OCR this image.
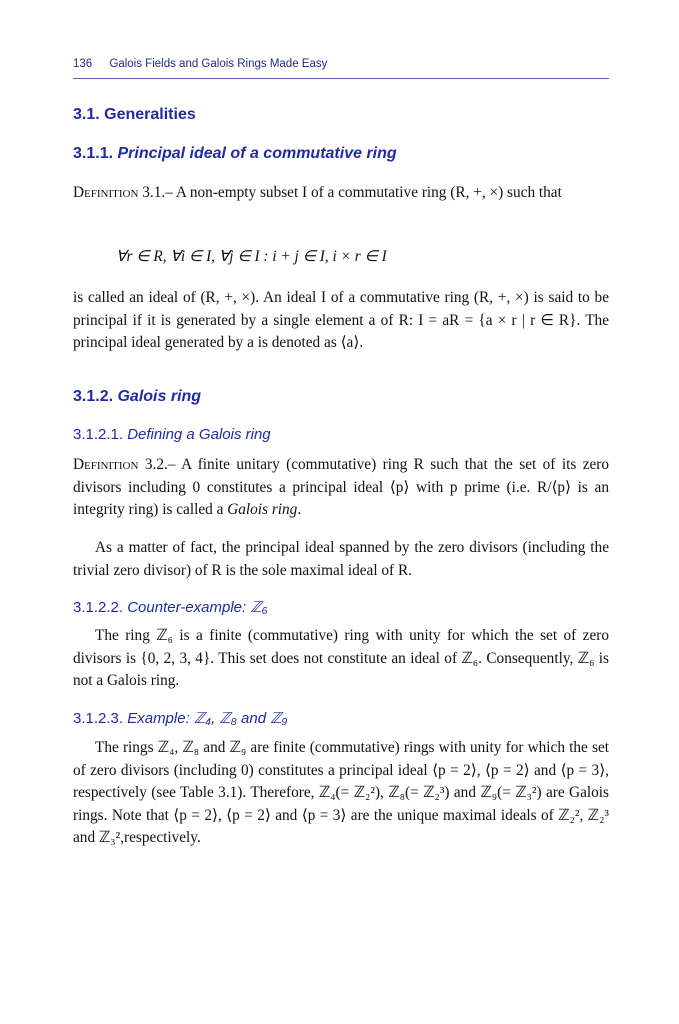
136 Galois Fields and Galois Rings Made Easy
3.1. Generalities
3.1.1. Principal ideal of a commutative ring
Definition 3.1.– A non-empty subset I of a commutative ring (R, +, ×) such that
∀r ∈ R, ∀i ∈ I, ∀j ∈ I : i + j ∈ I, i × r ∈ I
is called an ideal of (R, +, ×). An ideal I of a commutative ring (R, +, ×) is said to be principal if it is generated by a single element a of R: I = aR = {a × r | r ∈ R}. The principal ideal generated by a is denoted as ⟨a⟩.
3.1.2. Galois ring
3.1.2.1. Defining a Galois ring
Definition 3.2.– A finite unitary (commutative) ring R such that the set of its zero divisors including 0 constitutes a principal ideal ⟨p⟩ with p prime (i.e. R/⟨p⟩ is an integrity ring) is called a Galois ring.
As a matter of fact, the principal ideal spanned by the zero divisors (including the trivial zero divisor) of R is the sole maximal ideal of R.
3.1.2.2. Counter-example: ℤ₆
The ring ℤ₆ is a finite (commutative) ring with unity for which the set of zero divisors is {0, 2, 3, 4}. This set does not constitute an ideal of ℤ₆. Consequently, ℤ₆ is not a Galois ring.
3.1.2.3. Example: ℤ₄, ℤ₈ and ℤ₉
The rings ℤ₄, ℤ₈ and ℤ₉ are finite (commutative) rings with unity for which the set of zero divisors (including 0) constitutes a principal ideal ⟨p = 2⟩, ⟨p = 2⟩ and ⟨p = 3⟩, respectively (see Table 3.1). Therefore, ℤ₄(= ℤ₂²), ℤ₈(= ℤ₂³) and ℤ₉(= ℤ₃²) are Galois rings. Note that ⟨p = 2⟩, ⟨p = 2⟩ and ⟨p = 3⟩ are the unique maximal ideals of ℤ₂², ℤ₂³ and ℤ₃²,respectively.
